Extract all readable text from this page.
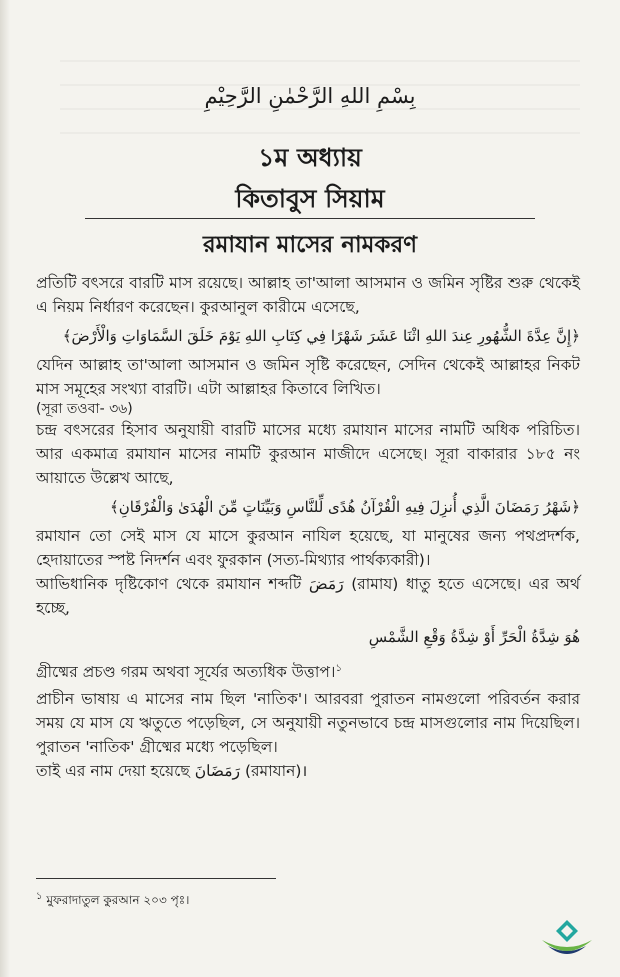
بِسْمِ اللهِ الرَّحْمٰنِ الرَّحِيْمِ
১ম অধ্যায়
কিতাবুস সিয়াম
রমাযান মাসের নামকরণ

প্রতিটি বৎসরে বারটি মাস রয়েছে। আল্লাহ তা'আলা আসমান ও জমিন সৃষ্টির শুরু থেকেই এ নিয়ম নির্ধারণ করেছেন। কুরআনুল কারীমে এসেছে,

﴿إِنَّ عِدَّةَ الشُّهُورِ عِندَ اللهِ اثْنَا عَشَرَ شَهْرًا فِي كِتَابِ اللهِ يَوْمَ خَلَقَ السَّمَاوَاتِ وَالْأَرْضَ﴾

যেদিন আল্লাহ তা'আলা আসমান ও জমিন সৃষ্টি করেছেন, সেদিন থেকেই আল্লাহর নিকট মাস সমূহের সংখ্যা বারটি। এটা আল্লাহর কিতাবে লিখিত।

(সূরা তওবা- ৩৬)

চন্দ্র বৎসরের হিসাব অনুযায়ী বারটি মাসের মধ্যে রমাযান মাসের নামটি অধিক পরিচিত। আর একমাত্র রমাযান মাসের নামটি কুরআন মাজীদে এসেছে। সূরা বাকারার ১৮৫ নং আয়াতে উল্লেখ আছে,

﴿شَهْرُ رَمَضَانَ الَّذِي أُنزِلَ فِيهِ الْقُرْآنُ هُدًى لِّلنَّاسِ وَبَيِّنَاتٍ مِّنَ الْهُدَىٰ وَالْفُرْقَانِ﴾

রমাযান তো সেই মাস যে মাসে কুরআন নাযিল হয়েছে, যা মানুষের জন্য পথপ্রদর্শক, হেদায়াতের স্পষ্ট নিদর্শন এবং ফুরকান (সত্য-মিথ্যার পার্থক্যকারী)।

আভিধানিক দৃষ্টিকোণ থেকে রমাযান শব্দটি رَمَضَ (রামায) ধাতু হতে এসেছে। এর অর্থ হচ্ছে,

هُوَ شِدَّةُ الْحَرِّ أَوْ شِدَّةُ وَقْعِ الشَّمْسِ

গ্রীষ্মের প্রচণ্ড গরম অথবা সূর্যের অত্যধিক উত্তাপ।$^১$

প্রাচীন ভাষায় এ মাসের নাম ছিল 'নাতিক'। আরবরা পুরাতন নামগুলো পরিবর্তন করার সময় যে মাস যে ঋতুতে পড়েছিল, সে অনুযায়ী নতুনভাবে চন্দ্র মাসগুলোর নাম দিয়েছিল। পুরাতন 'নাতিক' গ্রীষ্মের মধ্যে পড়েছিল।

তাই এর নাম দেয়া হয়েছে رَمَضَانَ (রমাযান)।

$^১$ মুফরাদাতুল কুরআন ২০৩ পৃঃ।
